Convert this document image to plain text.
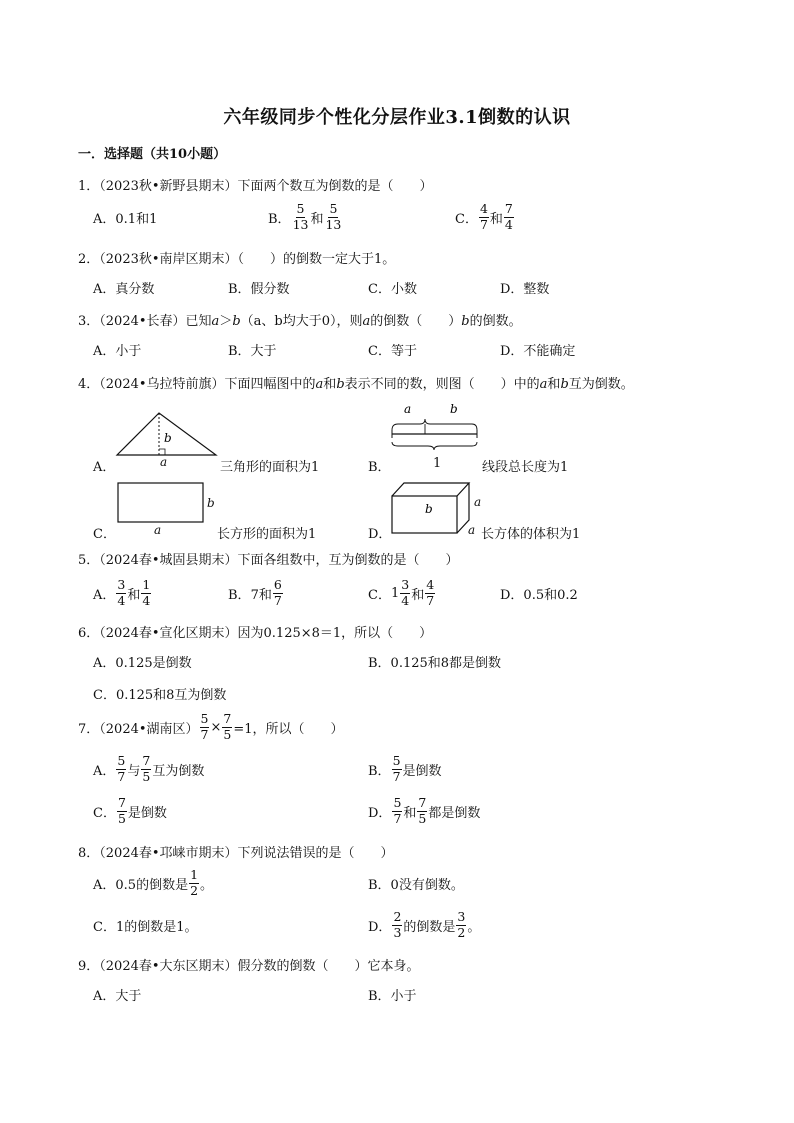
六年级同步个性化分层作业3.1倒数的认识
一．选择题（共10小题）
1．（2023秋•新野县期末）下面两个数互为倒数的是（　　）
A． 0.1和1	B． $\frac{5}{13}$ 和 $\frac{5}{13}$	C． $\frac{4}{7}$ 和 $\frac{7}{4}$
2．（2023秋•南岸区期末）（　　）的倒数一定大于1。
A．真分数	B．假分数	C．小数	D．整数
3．（2024•长春）已知a＞b（a、b均大于0），则a的倒数（　　）b的倒数。
A．小于	B．大于	C．等于	D．不能确定
4．（2024•乌拉特前旗）下面四幅图中的a和b表示不同的数，则图（　　）中的a和b互为倒数。
A．
b
a	三角形的面积为1	B．
a	b
1	线段总长度为1
C．
b
a	长方形的面积为1	D．
b	a
a 长方体的体积为1
5．（2024春•城固县期末）下面各组数中，互为倒数的是（　　）
A． $\frac{3}{4}$ 和 $\frac{1}{4}$	B． 7和 $\frac{6}{7}$	C． $1 \frac{3}{4}$ 和 $\frac{4}{7}$	D．0.5和0.2
6．（2024春•宣化区期末）因为0.125×8＝1，所以（　　）
A．0.125是倒数	B．0.125和8都是倒数
C．0.125和8互为倒数
7．（2024•湖南区） $\frac{5}{7} \times \frac{7}{5} =1$，所以（　　）
A． $\frac{5}{7}$ 与 $\frac{7}{5}$ 互为倒数	B． $\frac{5}{7}$ 是倒数
C． $\frac{7}{5}$ 是倒数	D． $\frac{5}{7}$ 和 $\frac{7}{5}$ 都是倒数
8．（2024春•邛崃市期末）下列说法错误的是（　　）
A． 0.5的倒数是 $\frac{1}{2}$ 。	B．0没有倒数。
C．1的倒数是1。	D． $\frac{2}{3}$ 的倒数是 $\frac{3}{2}$ 。
9．（2024春•大东区期末）假分数的倒数（　　）它本身。
A．大于	B．小于
